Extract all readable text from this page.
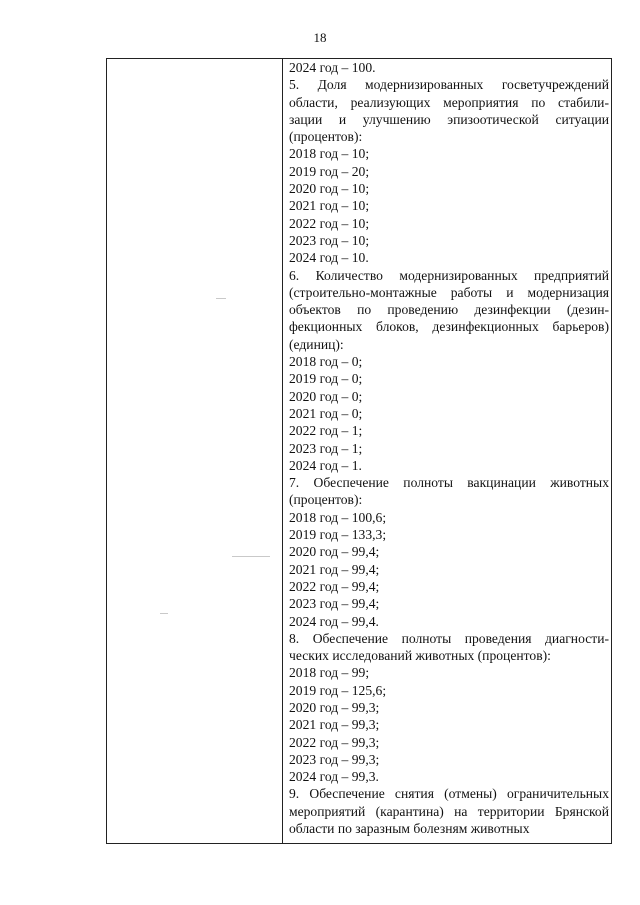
18
2024 год – 100.
5. Доля модернизированных госветучреждений
области, реализующих мероприятия по стабили-
зации и улучшению эпизоотической ситуации
(процентов):
2018 год – 10;
2019 год – 20;
2020 год – 10;
2021 год – 10;
2022 год – 10;
2023 год – 10;
2024 год – 10.
6. Количество модернизированных предприятий
(строительно-монтажные работы и модернизация
объектов по проведению дезинфекции (дезин-
фекционных блоков, дезинфекционных барьеров)
(единиц):
2018 год – 0;
2019 год – 0;
2020 год – 0;
2021 год – 0;
2022 год – 1;
2023 год – 1;
2024 год – 1.
7. Обеспечение полноты вакцинации животных
(процентов):
2018 год – 100,6;
2019 год – 133,3;
2020 год – 99,4;
2021 год – 99,4;
2022 год – 99,4;
2023 год – 99,4;
2024 год – 99,4.
8. Обеспечение полноты проведения диагности-
ческих исследований животных (процентов):
2018 год – 99;
2019 год – 125,6;
2020 год – 99,3;
2021 год – 99,3;
2022 год – 99,3;
2023 год – 99,3;
2024 год – 99,3.
9. Обеспечение снятия (отмены) ограничительных
мероприятий (карантина) на территории Брянской
области по заразным болезням животных
